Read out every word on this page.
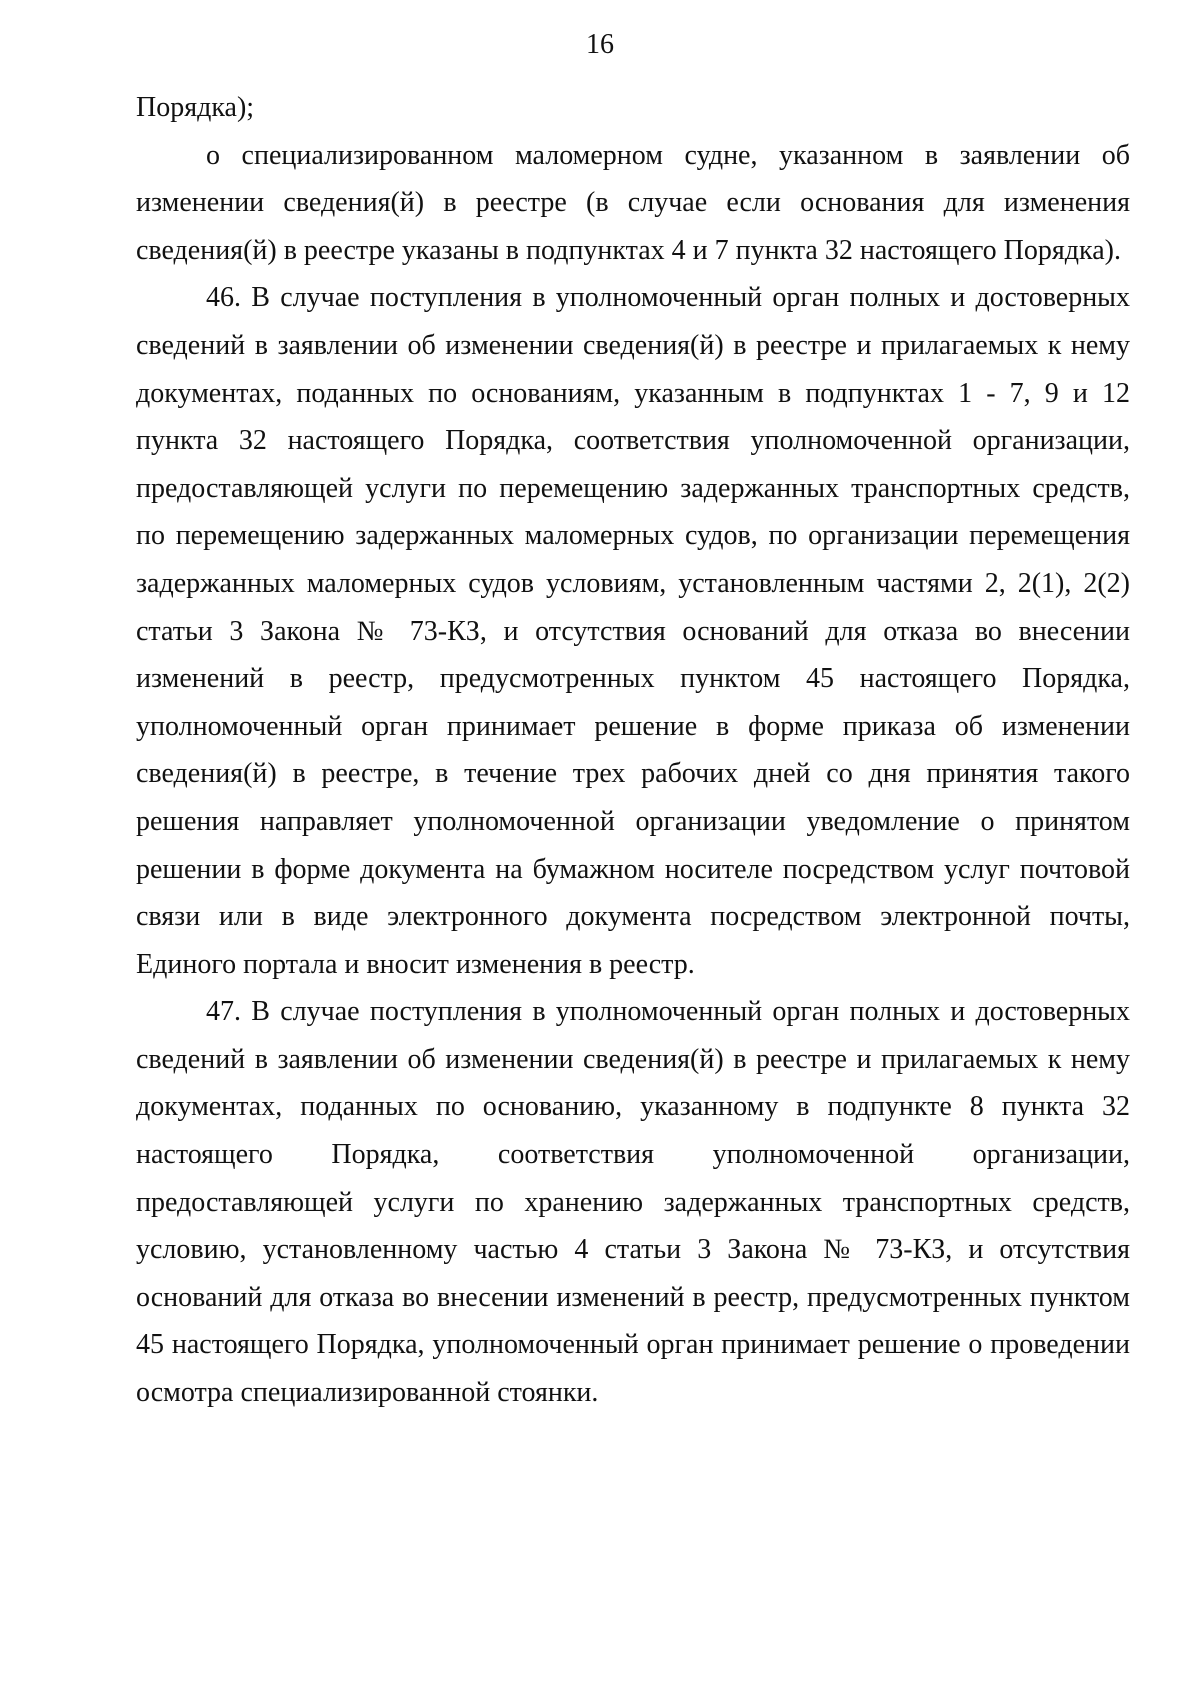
16

Порядка);

о специализированном маломерном судне, указанном в заявлении об изменении сведения(й) в реестре (в случае если основания для изменения сведения(й) в реестре указаны в подпунктах 4 и 7 пункта 32 настоящего Порядка).

46. В случае поступления в уполномоченный орган полных и достоверных сведений в заявлении об изменении сведения(й) в реестре и прилагаемых к нему документах, поданных по основаниям, указанным в подпунктах 1 - 7, 9 и 12 пункта 32 настоящего Порядка, соответствия уполномоченной организации, предоставляющей услуги по перемещению задержанных транспортных средств, по перемещению задержанных маломерных судов, по организации перемещения задержанных маломерных судов условиям, установленным частями 2, 2(1), 2(2) статьи 3 Закона № 73-КЗ, и отсутствия оснований для отказа во внесении изменений в реестр, предусмотренных пунктом 45 настоящего Порядка, уполномоченный орган принимает решение в форме приказа об изменении сведения(й) в реестре, в течение трех рабочих дней со дня принятия такого решения направляет уполномоченной организации уведомление о принятом решении в форме документа на бумажном носителе посредством услуг почтовой связи или в виде электронного документа посредством электронной почты, Единого портала и вносит изменения в реестр.

47. В случае поступления в уполномоченный орган полных и достоверных сведений в заявлении об изменении сведения(й) в реестре и прилагаемых к нему документах, поданных по основанию, указанному в подпункте 8 пункта 32 настоящего Порядка, соответствия уполномоченной организации, предоставляющей услуги по хранению задержанных транспортных средств, условию, установленному частью 4 статьи 3 Закона № 73-КЗ, и отсутствия оснований для отказа во внесении изменений в реестр, предусмотренных пунктом 45 настоящего Порядка, уполномоченный орган принимает решение о проведении осмотра специализированной стоянки.
